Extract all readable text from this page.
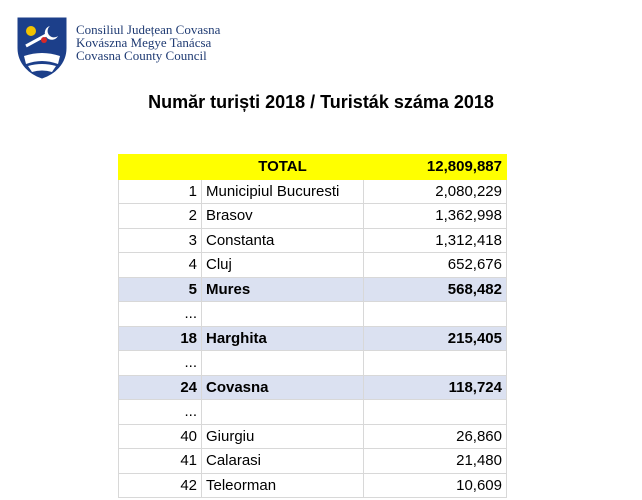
Consiliul Județean Covasna
Kovászna Megye Tanácsa
Covasna County Council
Număr turiști 2018 / Turisták száma 2018
	TOTAL	12,809,887
1	Municipiul Bucuresti	2,080,229
2	Brasov	1,362,998
3	Constanta	1,312,418
4	Cluj	652,676
5	Mures	568,482
...		
18	Harghita	215,405
...		
24	Covasna	118,724
...		
40	Giurgiu	26,860
41	Calarasi	21,480
42	Teleorman	10,609
